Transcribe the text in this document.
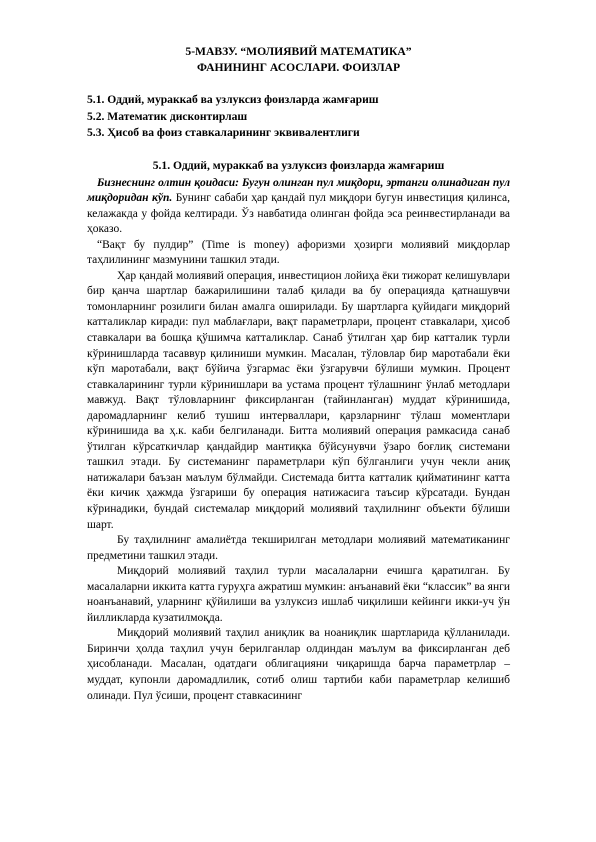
5-МАВЗУ. “МОЛИЯВИЙ МАТЕМАТИКА”
ФАНИНИНГ АСОСЛАРИ. ФОИЗЛАР
5.1. Оддий, мураккаб ва узлуксиз фоизларда жамғариш
5.2. Математик дисконтирлаш
5.3. Ҳисоб ва фоиз ставкаларининг эквивалентлиги
5.1. Оддий, мураккаб ва узлуксиз фоизларда жамғариш

Бизнеснинг олтин қоидаси: Бугун олинган пул миқдори, эртанги олинадиган пул миқдоридан кўп. Бунинг сабаби ҳар қандай пул миқдори бугун инвестиция қилинса, келажакда у фойда келтиради. Ўз навбатида олинган фойда эса реинвестирланади ва ҳоказо.

“Вақт бу пулдир” (Time is money) афоризми ҳозирги молиявий миқдорлар таҳлилининг мазмунини ташкил этади.

Ҳар қандай молиявий операция, инвестицион лойиҳа ёки тижорат келишувлари бир қанча шартлар бажарилишини талаб қилади ва бу операцияда қатнашувчи томонларнинг розилиги билан амалга оширилади. Бу шартларга қуйидаги миқдорий катталиклар киради: пул маблағлари, вақт параметрлари, процент ставкалари, ҳисоб ставкалари ва бошқа қўшимча катталиклар. Санаб ўтилган ҳар бир катталик турли кўринишларда тасаввур қилиниши мумкин. Масалан, тўловлар бир маротабали ёки кўп маротабали, вақт бўйича ўзгармас ёки ўзгарувчи бўлиши мумкин. Процент ставкаларининг турли кўринишлари ва устама процент тўлашнинг ўнлаб методлари мавжуд. Вақт тўловларнинг фиксирланган (тайинланган) муддат кўринишида, даромадларнинг келиб тушиш интерваллари, қарзларнинг тўлаш моментлари кўринишида ва ҳ.к. каби белгиланади. Битта молиявий операция рамкасида санаб ўтилган кўрсаткичлар қандайдир мантиқка бўйсунувчи ўзаро боғлиқ системани ташкил этади. Бу системанинг параметрлари кўп бўлганлиги учун чекли аниқ натижалари баъзан маълум бўлмайди. Системада битта катталик қийматининг катта ёки кичик ҳажмда ўзгариши бу операция натижасига таъсир кўрсатади. Бундан кўринадики, бундай системалар миқдорий молиявий таҳлилнинг объекти бўлиши шарт.

Бу таҳлилнинг амалиётда текширилган методлари молиявий математиканинг предметини ташкил этади.

Миқдорий молиявий таҳлил турли масалаларни ечишга қаратилган. Бу масалаларни иккита катта гуруҳга ажратиш мумкин: анъанавий ёки “классик” ва янги ноанъанавий, уларнинг қўйилиши ва узлуксиз ишлаб чиқилиши кейинги икки-уч ўн йилликларда кузатилмоқда.

Миқдорий молиявий таҳлил аниқлик ва ноаниқлик шартларида қўлланилади. Биринчи ҳолда таҳлил учун берилганлар олдиндан маълум ва фиксирланган деб ҳисобланади. Масалан, одатдаги облигацияни чиқаришда барча параметрлар – муддат, купонли даромадлилик, сотиб олиш тартиби каби параметрлар келишиб олинади. Пул ўсиши, процент ставкасининг
